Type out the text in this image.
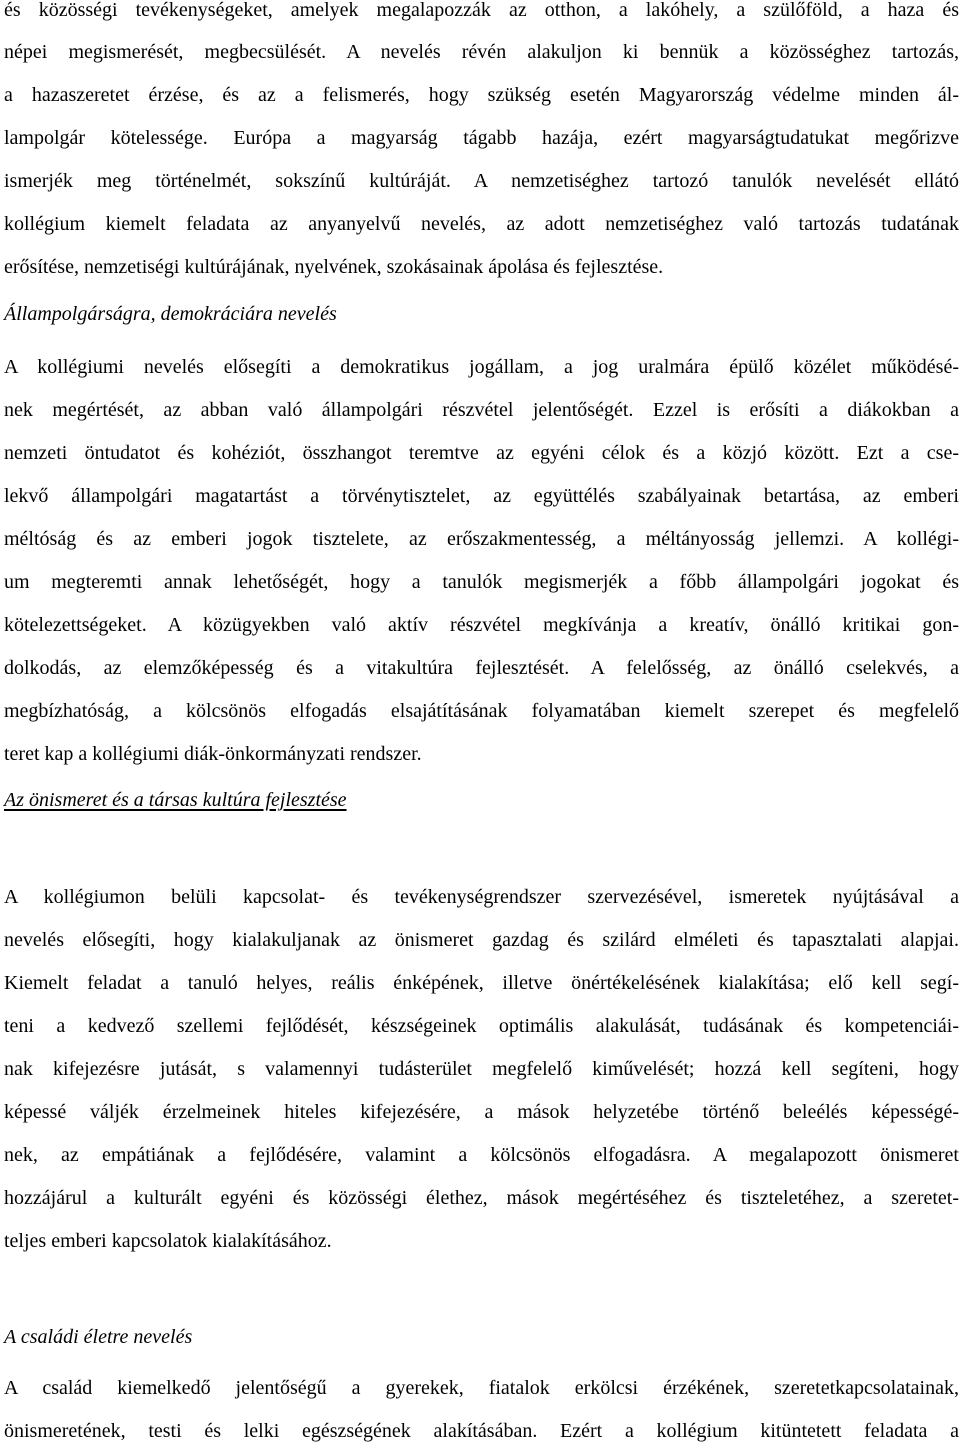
és közösségi tevékenységeket, amelyek megalapozzák az otthon, a lakóhely, a szülőföld, a haza és
népei megismerését, megbecsülését. A nevelés révén alakuljon ki bennük a közösséghez tartozás,
a hazaszeretet érzése, és az a felismerés, hogy szükség esetén Magyarország védelme minden ál-
lampolgár kötelessége. Európa a magyarság tágabb hazája, ezért magyarságtudatukat megőrizve
ismerjék meg történelmét, sokszínű kultúráját. A nemzetiséghez tartozó tanulók nevelését ellátó
kollégium kiemelt feladata az anyanyelvű nevelés, az adott nemzetiséghez való tartozás tudatának
erősítése, nemzetiségi kultúrájának, nyelvének, szokásainak ápolása és fejlesztése.
Állampolgárságra, demokráciára nevelés
A kollégiumi nevelés elősegíti a demokratikus jogállam, a jog uralmára épülő közélet működésé-
nek megértését, az abban való állampolgári részvétel jelentőségét. Ezzel is erősíti a diákokban a
nemzeti öntudatot és kohéziót, összhangot teremtve az egyéni célok és a közjó között. Ezt a cse-
lekvő állampolgári magatartást a törvénytisztelet, az együttélés szabályainak betartása, az emberi
méltóság és az emberi jogok tisztelete, az erőszakmentesség, a méltányosság jellemzi. A kollégi-
um megteremti annak lehetőségét, hogy a tanulók megismerjék a főbb állampolgári jogokat és
kötelezettségeket. A közügyekben való aktív részvétel megkívánja a kreatív, önálló kritikai gon-
dolkodás, az elemzőképesség és a vitakultúra fejlesztését. A felelősség, az önálló cselekvés, a
megbízhatóság, a kölcsönös elfogadás elsajátításának folyamatában kiemelt szerepet és megfelelő
teret kap a kollégiumi diák-önkormányzati rendszer.
Az önismeret és a társas kultúra fejlesztése
A kollégiumon belüli kapcsolat- és tevékenységrendszer szervezésével, ismeretek nyújtásával a
nevelés elősegíti, hogy kialakuljanak az önismeret gazdag és szilárd elméleti és tapasztalati alapjai.
Kiemelt feladat a tanuló helyes, reális énképének, illetve önértékelésének kialakítása; elő kell segí-
teni a kedvező szellemi fejlődését, készségeinek optimális alakulását, tudásának és kompetenciái-
nak kifejezésre jutását, s valamennyi tudásterület megfelelő kiművelését; hozzá kell segíteni, hogy
képessé váljék érzelmeinek hiteles kifejezésére, a mások helyzetébe történő beleélés képességé-
nek, az empátiának a fejlődésére, valamint a kölcsönös elfogadásra. A megalapozott önismeret
hozzájárul a kulturált egyéni és közösségi élethez, mások megértéséhez és tiszteletéhez, a szeretet-
teljes emberi kapcsolatok kialakításához.
A családi életre nevelés
A család kiemelkedő jelentőségű a gyerekek, fiatalok erkölcsi érzékének, szeretetkapcsolatainak,
önismeretének, testi és lelki egészségének alakításában. Ezért a kollégium kitüntetett feladata a
